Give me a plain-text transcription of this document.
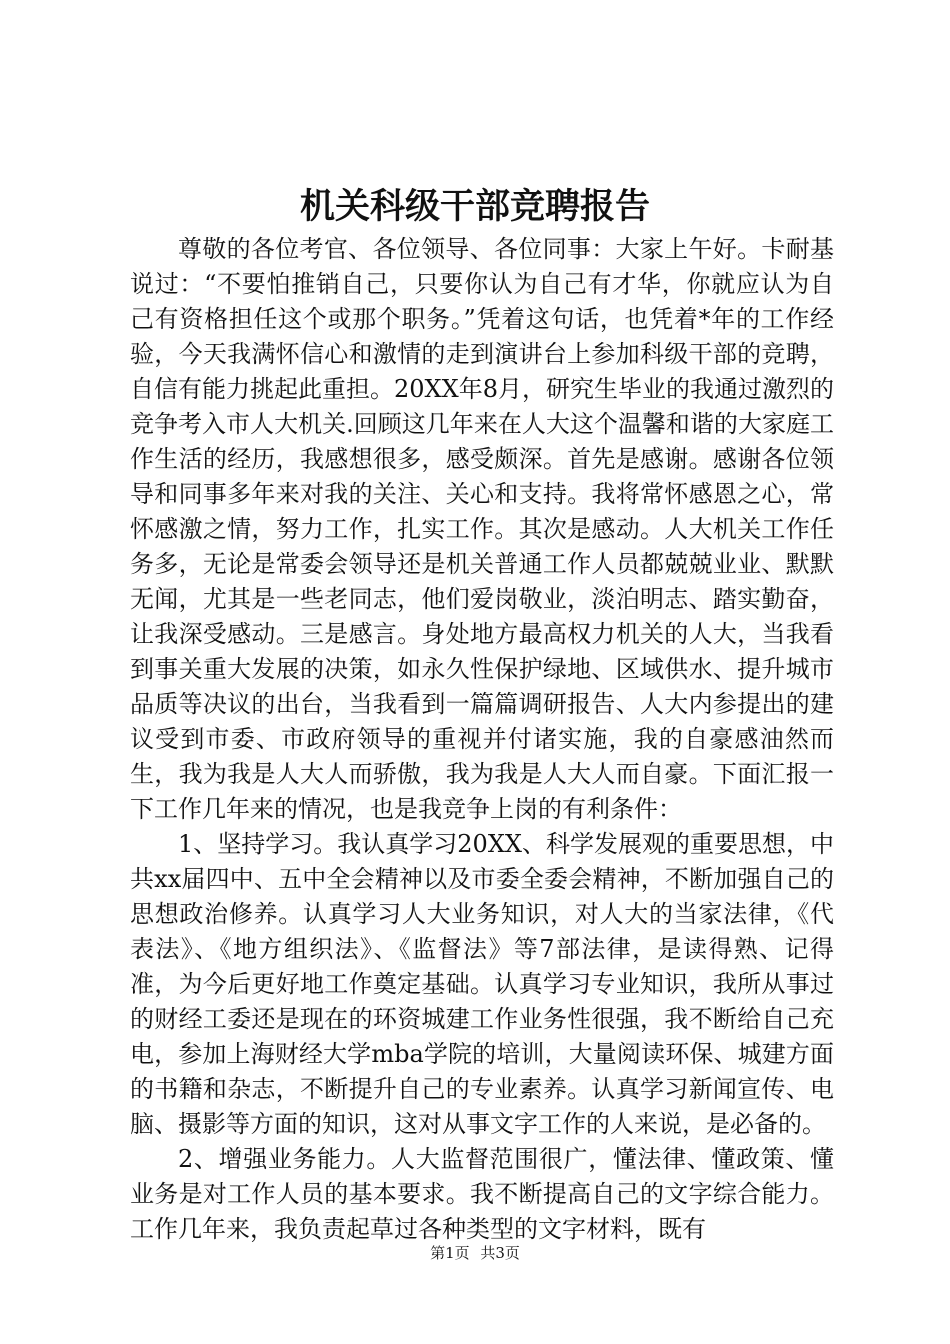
机关科级干部竞聘报告

尊敬的各位考官、各位领导、各位同事：大家上午好。卡耐基说过：“不要怕推销自己，只要你认为自己有才华，你就应认为自己有资格担任这个或那个职务。”凭着这句话，也凭着*年的工作经验，今天我满怀信心和激情的走到演讲台上参加科级干部的竞聘，自信有能力挑起此重担。20XX年8月，研究生毕业的我通过激烈的竞争考入市人大机关.回顾这几年来在人大这个温馨和谐的大家庭工作生活的经历，我感想很多，感受颇深。首先是感谢。感谢各位领导和同事多年来对我的关注、关心和支持。我将常怀感恩之心，常怀感激之情，努力工作，扎实工作。其次是感动。人大机关工作任务多，无论是常委会领导还是机关普通工作人员都兢兢业业、默默无闻，尤其是一些老同志，他们爱岗敬业，淡泊明志、踏实勤奋，让我深受感动。三是感言。身处地方最高权力机关的人大，当我看到事关重大发展的决策，如永久性保护绿地、区域供水、提升城市品质等决议的出台，当我看到一篇篇调研报告、人大内参提出的建议受到市委、市政府领导的重视并付诸实施，我的自豪感油然而生，我为我是人大人而骄傲，我为我是人大人而自豪。下面汇报一下工作几年来的情况，也是我竞争上岗的有利条件：

1、坚持学习。我认真学习20XX、科学发展观的重要思想，中共xx届四中、五中全会精神以及市委全委会精神，不断加强自己的思想政治修养。认真学习人大业务知识，对人大的当家法律，《代表法》、《地方组织法》、《监督法》等7部法律，是读得熟、记得准，为今后更好地工作奠定基础。认真学习专业知识，我所从事过的财经工委还是现在的环资城建工作业务性很强，我不断给自己充电，参加上海财经大学mba学院的培训，大量阅读环保、城建方面的书籍和杂志，不断提升自己的专业素养。认真学习新闻宣传、电脑、摄影等方面的知识，这对从事文字工作的人来说，是必备的。

2、增强业务能力。人大监督范围很广，懂法律、懂政策、懂业务是对工作人员的基本要求。我不断提高自己的文字综合能力。工作几年来，我负责起草过各种类型的文字材料，既有

第1页 共3页
